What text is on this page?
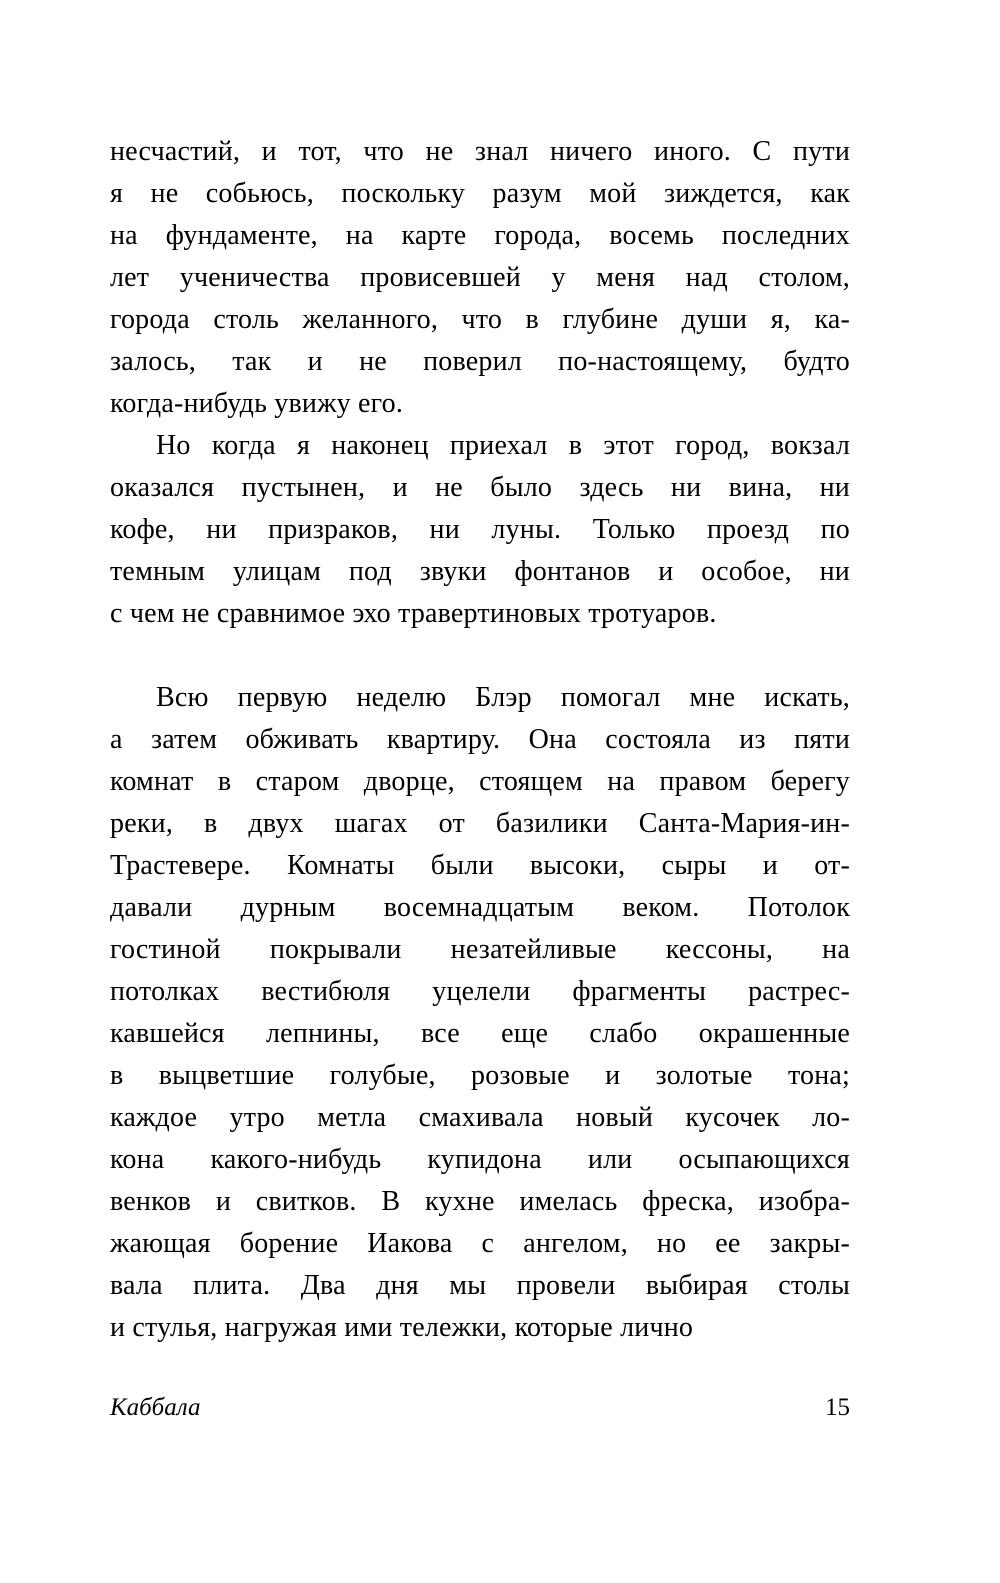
несчастий, и тот, что не знал ничего иного. С пути
я не собьюсь, поскольку разум мой зиждется, как
на фундаменте, на карте города, восемь последних
лет ученичества провисевшей у меня над столом,
города столь желанного, что в глубине души я, ка-
залось, так и не поверил по-настоящему, будто
когда-нибудь увижу его.
Но когда я наконец приехал в этот город, вокзал
оказался пустынен, и не было здесь ни вина, ни
кофе, ни призраков, ни луны. Только проезд по
темным улицам под звуки фонтанов и особое, ни
с чем не сравнимое эхо травертиновых тротуаров.
Всю первую неделю Блэр помогал мне искать,
а затем обживать квартиру. Она состояла из пяти
комнат в старом дворце, стоящем на правом берегу
реки, в двух шагах от базилики Санта-Мария-ин-
Трастевере. Комнаты были высоки, сыры и от-
давали дурным восемнадцатым веком. Потолок
гостиной покрывали незатейливые кессоны, на
потолках вестибюля уцелели фрагменты растрес-
кавшейся лепнины, все еще слабо окрашенные
в выцветшие голубые, розовые и золотые тона;
каждое утро метла смахивала новый кусочек ло-
кона какого-нибудь купидона или осыпающихся
венков и свитков. В кухне имелась фреска, изобра-
жающая борение Иакова с ангелом, но ее закры-
вала плита. Два дня мы провели выбирая столы
и стулья, нагружая ими тележки, которые лично
Каббала	15
